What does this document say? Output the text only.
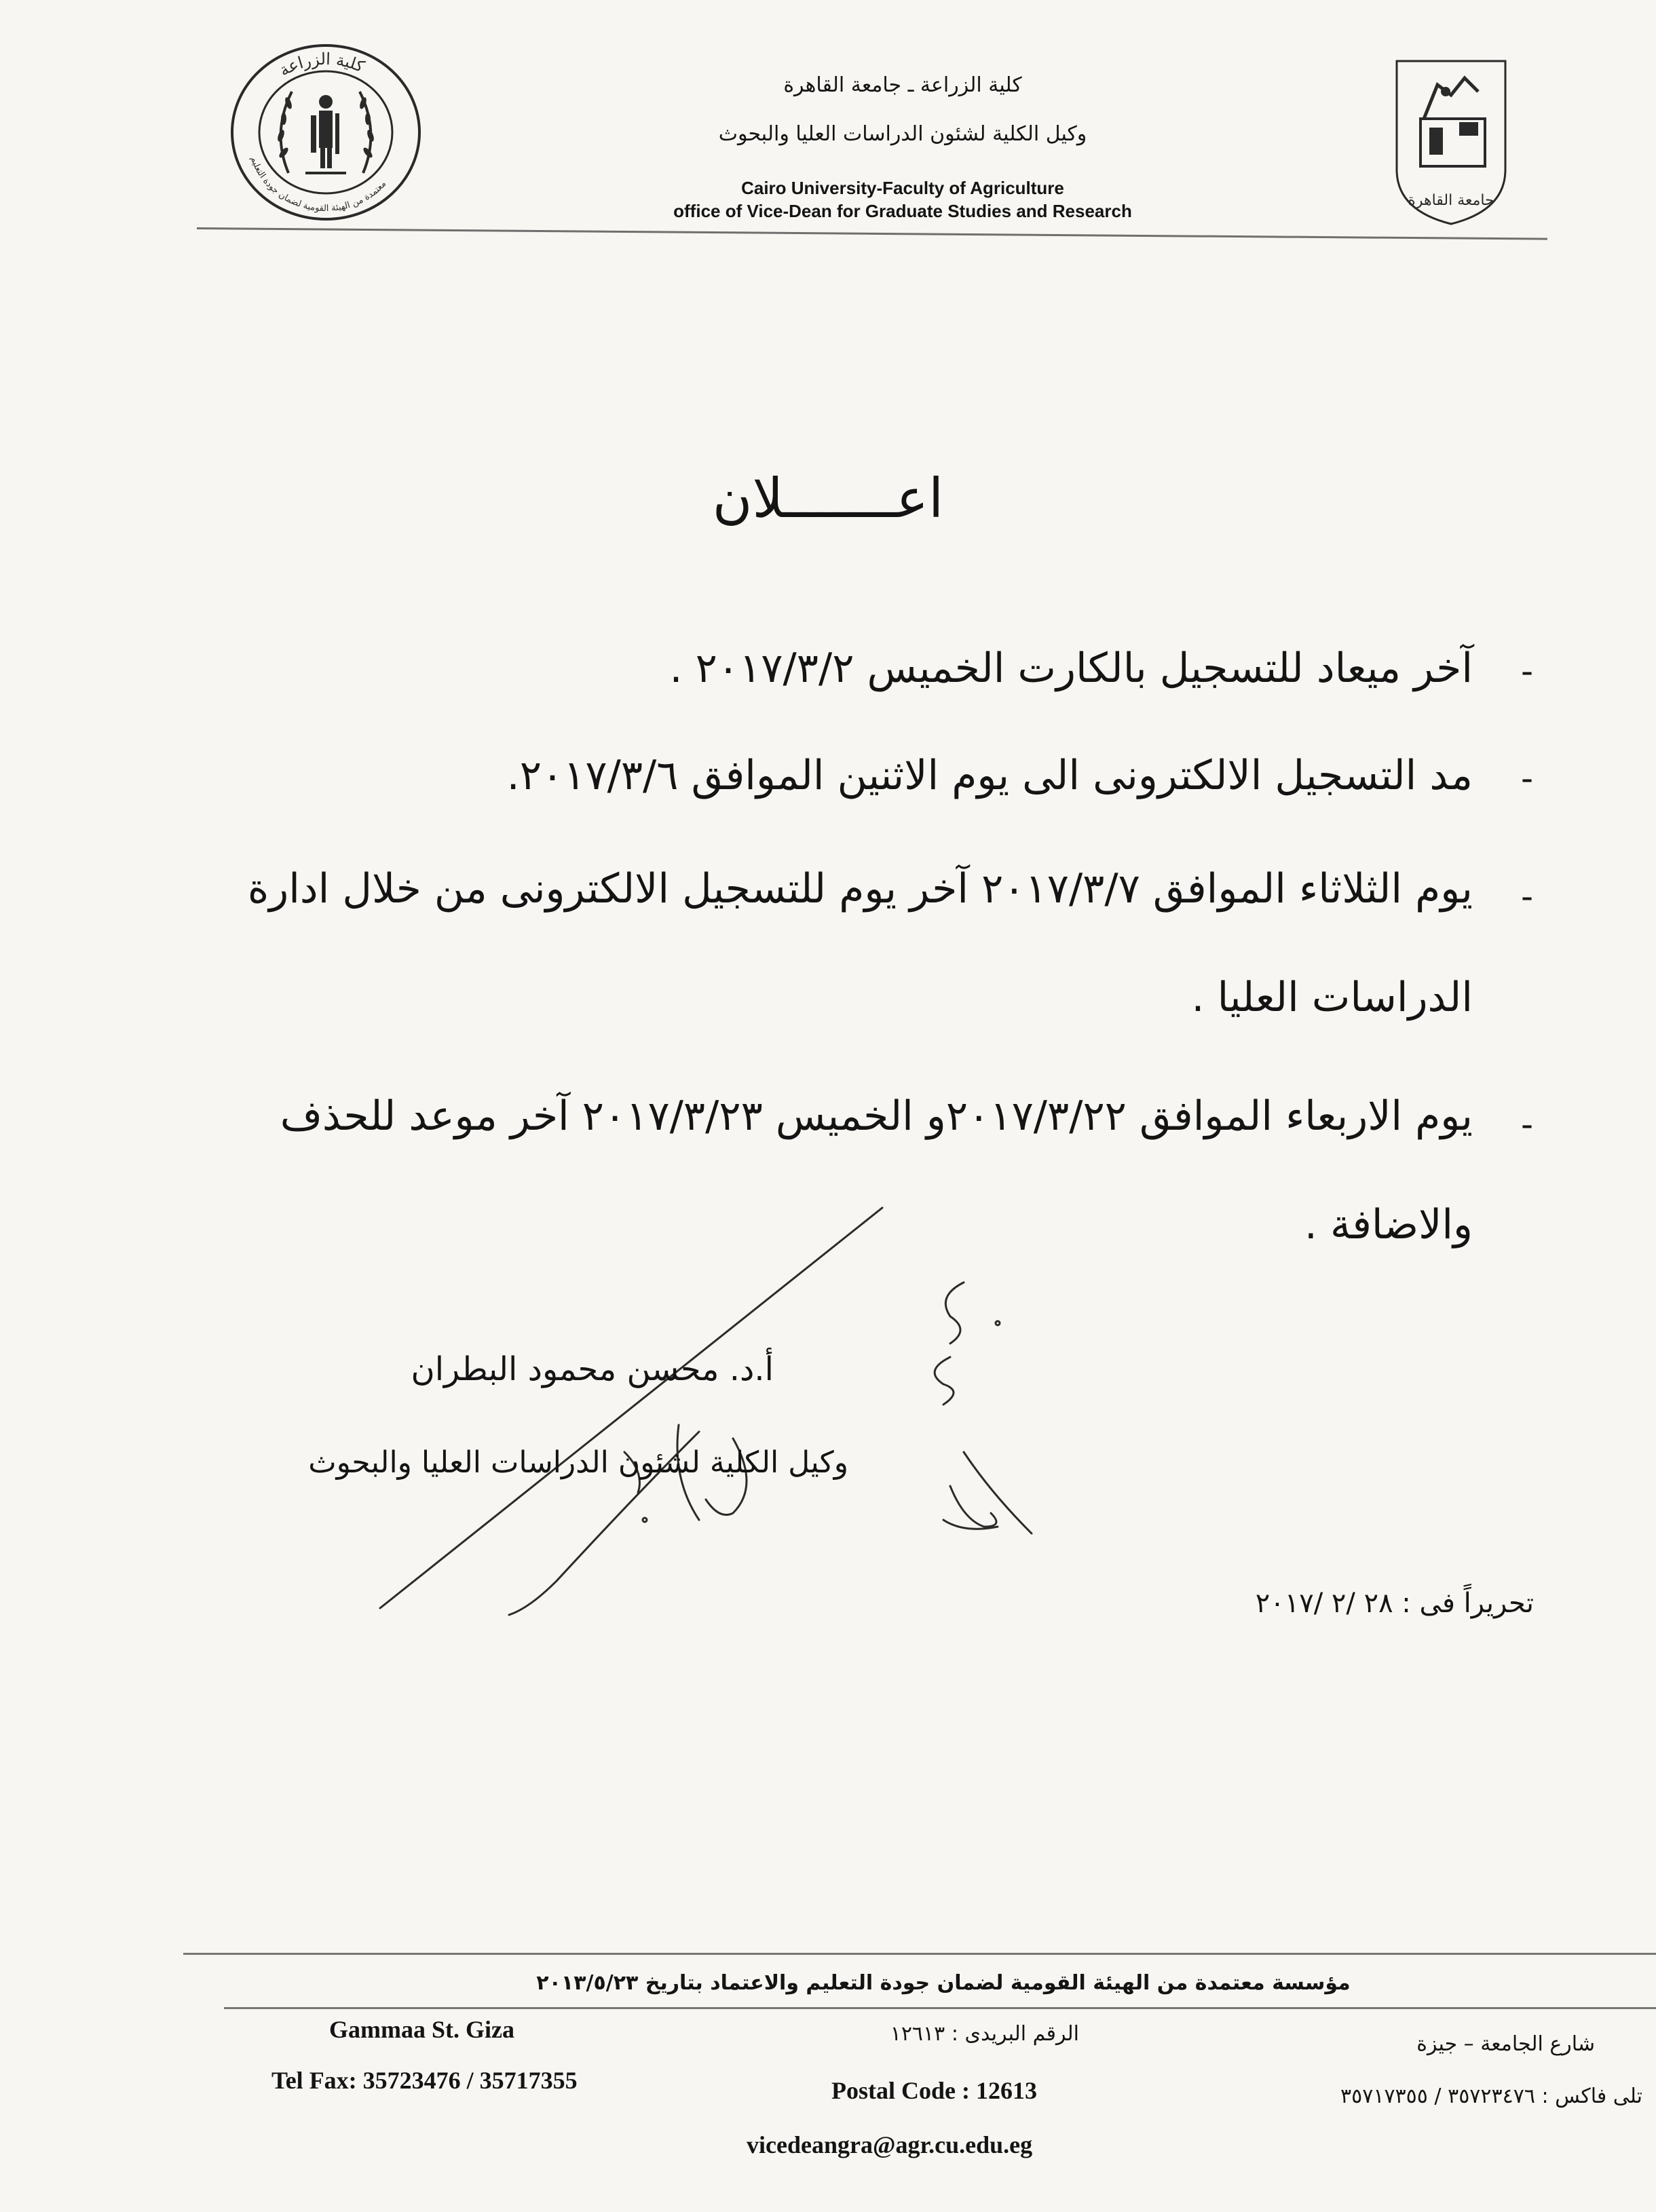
كلية الزراعة
معتمدة من الهيئة القومية لضمان جودة التعليم
كلية الزراعة ـ جامعة القاهرة
وكيل الكلية لشئون الدراسات العليا والبحوث
Cairo University-Faculty of Agriculture
office of Vice-Dean for Graduate Studies and Research
جامعة القاهرة
اعـــــــلان
-
آخر ميعاد للتسجيل بالكارت الخميس ٢٠١٧/٣/٢ .
-
مد التسجيل الالكترونى الى يوم الاثنين الموافق ٢٠١٧/٣/٦.
-
يوم الثلاثاء الموافق ٢٠١٧/٣/٧ آخر يوم للتسجيل الالكترونى من خلال ادارة
الدراسات العليا .
-
يوم الاربعاء الموافق ٢٠١٧/٣/٢٢و الخميس ٢٠١٧/٣/٢٣ آخر موعد للحذف
والاضافة .
أ.د. محسن محمود البطران
وكيل الكلية لشئون الدراسات العليا والبحوث
تحريراً فى : ٢٨ /٢ /٢٠١٧
مؤسسة معتمدة من الهيئة القومية لضمان جودة التعليم والاعتماد بتاريخ ٢٠١٣/٥/٢٣
Gammaa St. Giza	الرقم البريدى : ١٢٦١٣	شارع الجامعة – جيزة
Tel Fax: 35723476 / 35717355	Postal Code : 12613	تلى فاكس : ٣٥٧٢٣٤٧٦ / ٣٥٧١٧٣٥٥
vicedeangra@agr.cu.edu.eg
